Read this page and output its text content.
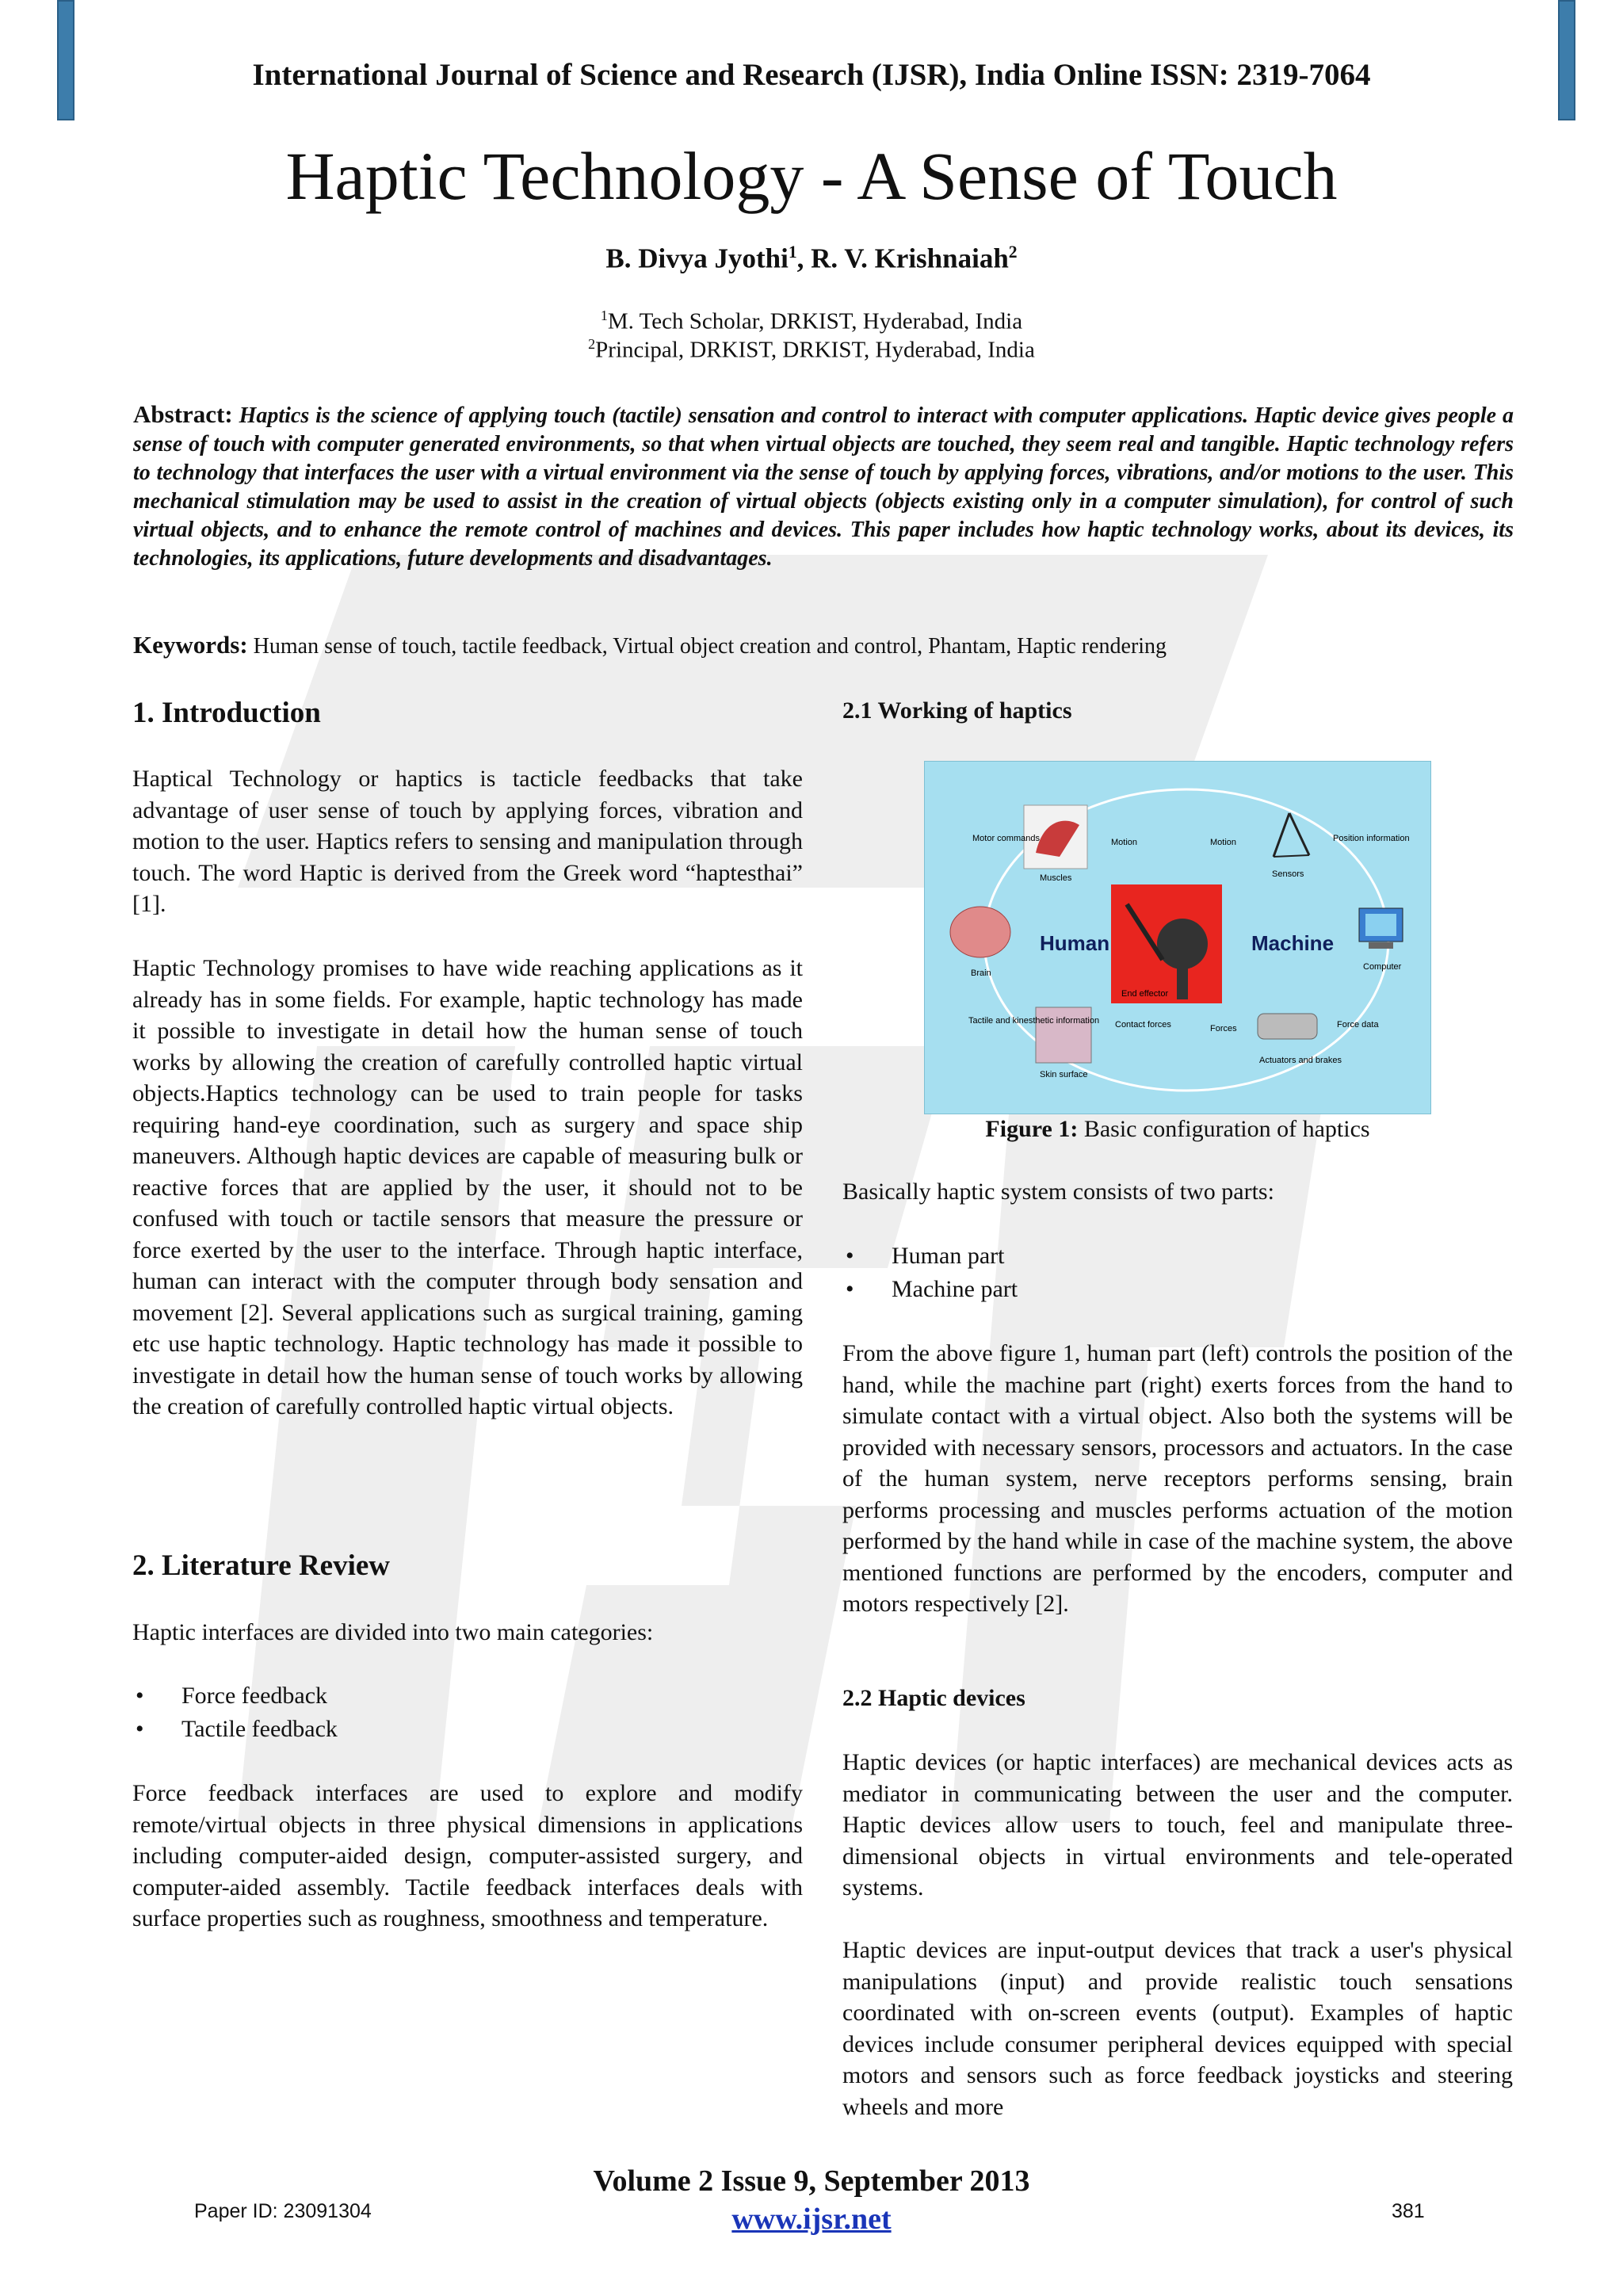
International Journal of Science and Research (IJSR), India Online ISSN: 2319-7064
Haptic Technology - A Sense of Touch
B. Divya Jyothi$^1$, R. V. Krishnaiah$^2$
$^1$M. Tech Scholar, DRKIST, Hyderabad, India
$^2$Principal, DRKIST, DRKIST, Hyderabad, India
Abstract: Haptics is the science of applying touch (tactile) sensation and control to interact with computer applications. Haptic device gives people a sense of touch with computer generated environments, so that when virtual objects are touched, they seem real and tangible. Haptic technology refers to technology that interfaces the user with a virtual environment via the sense of touch by applying forces, vibrations, and/or motions to the user. This mechanical stimulation may be used to assist in the creation of virtual objects (objects existing only in a computer simulation), for control of such virtual objects, and to enhance the remote control of machines and devices. This paper includes how haptic technology works, about its devices, its technologies, its applications, future developments and disadvantages.
Keywords: Human sense of touch, tactile feedback, Virtual object creation and control, Phantam, Haptic rendering
1. Introduction

Haptical Technology or haptics is tacticle feedbacks that take advantage of user sense of touch by applying forces, vibration and motion to the user. Haptics refers to sensing and manipulation through touch. The word Haptic is derived from the Greek word “haptesthai” [1].

Haptic Technology promises to have wide reaching applications as it already has in some fields. For example, haptic technology has made it possible to investigate in detail how the human sense of touch works by allowing the creation of carefully controlled haptic virtual objects.Haptics technology can be used to train people for tasks requiring hand-eye coordination, such as surgery and space ship maneuvers. Although haptic devices are capable of measuring bulk or reactive forces that are applied by the user, it should not to be confused with touch or tactile sensors that measure the pressure or force exerted by the user to the interface. Through haptic interface, human can interact with the computer through body sensation and movement [2]. Several applications such as surgical training, gaming etc use haptic technology. Haptic technology has made it possible to investigate in detail how the human sense of touch works by allowing the creation of carefully controlled haptic virtual objects.

2. Literature Review

Haptic interfaces are divided into two main categories:

• Force feedback
• Tactile feedback

Force feedback interfaces are used to explore and modify remote/virtual objects in three physical dimensions in applications including computer-aided design, computer-assisted surgery, and computer-aided assembly. Tactile feedback interfaces deals with surface properties such as roughness, smoothness and temperature.

2.1 Working of haptics
End effector
Human	Machine
Muscles
Motor commands	Motion	Motion
Sensors
Position information
Brain
Computer
Skin surface
Tactile and kinesthetic information Contact forces	Forces
Actuators and brakes
Force data
Figure 1: Basic configuration of haptics

Basically haptic system consists of two parts:

• Human part
• Machine part

From the above figure 1, human part (left) controls the position of the hand, while the machine part (right) exerts forces from the hand to simulate contact with a virtual object. Also both the systems will be provided with necessary sensors, processors and actuators. In the case of the human system, nerve receptors performs sensing, brain performs processing and muscles performs actuation of the motion performed by the hand while in case of the machine system, the above mentioned functions are performed by the encoders, computer and motors respectively [2].

2.2 Haptic devices

Haptic devices (or haptic interfaces) are mechanical devices acts as mediator in communicating between the user and the computer. Haptic devices allow users to touch, feel and manipulate three-dimensional objects in virtual environments and tele-operated systems.

Haptic devices are input-output devices that track a user's physical manipulations (input) and provide realistic touch sensations coordinated with on-screen events (output). Examples of haptic devices include consumer peripheral devices equipped with special motors and sensors such as force feedback joysticks and steering wheels and more

Volume 2 Issue 9, September 2013
www.ijsr.net
Paper ID: 23091304	381
